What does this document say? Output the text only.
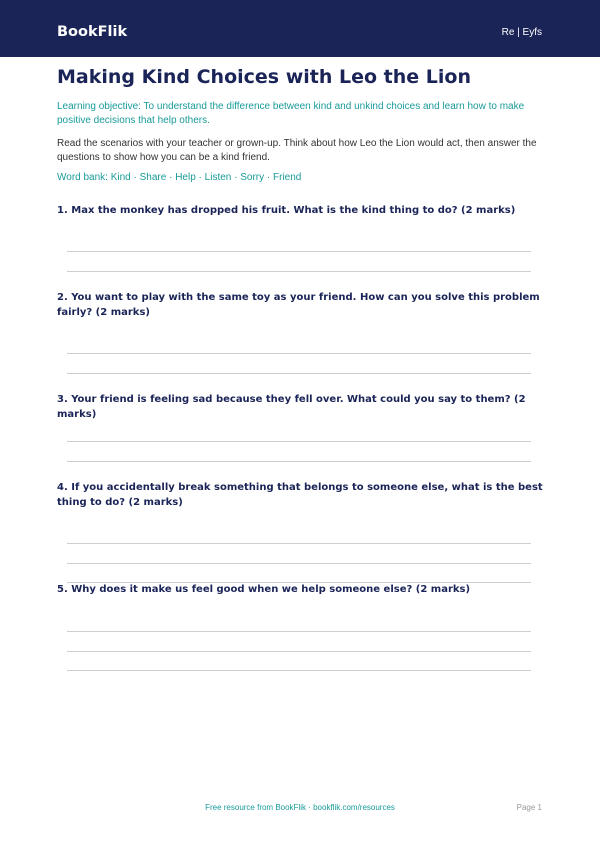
BookFlik	Re | Eyfs
Making Kind Choices with Leo the Lion
Learning objective: To understand the difference between kind and unkind choices and learn how to make positive decisions that help others.
Read the scenarios with your teacher or grown-up. Think about how Leo the Lion would act, then answer the questions to show how you can be a kind friend.
Word bank: Kind · Share · Help · Listen · Sorry · Friend
1. Max the monkey has dropped his fruit. What is the kind thing to do? (2 marks)
2. You want to play with the same toy as your friend. How can you solve this problem fairly? (2 marks)
3. Your friend is feeling sad because they fell over. What could you say to them? (2 marks)
4. If you accidentally break something that belongs to someone else, what is the best thing to do? (2 marks)
5. Why does it make us feel good when we help someone else? (2 marks)
Free resource from BookFlik · bookflik.com/resources	Page 1
